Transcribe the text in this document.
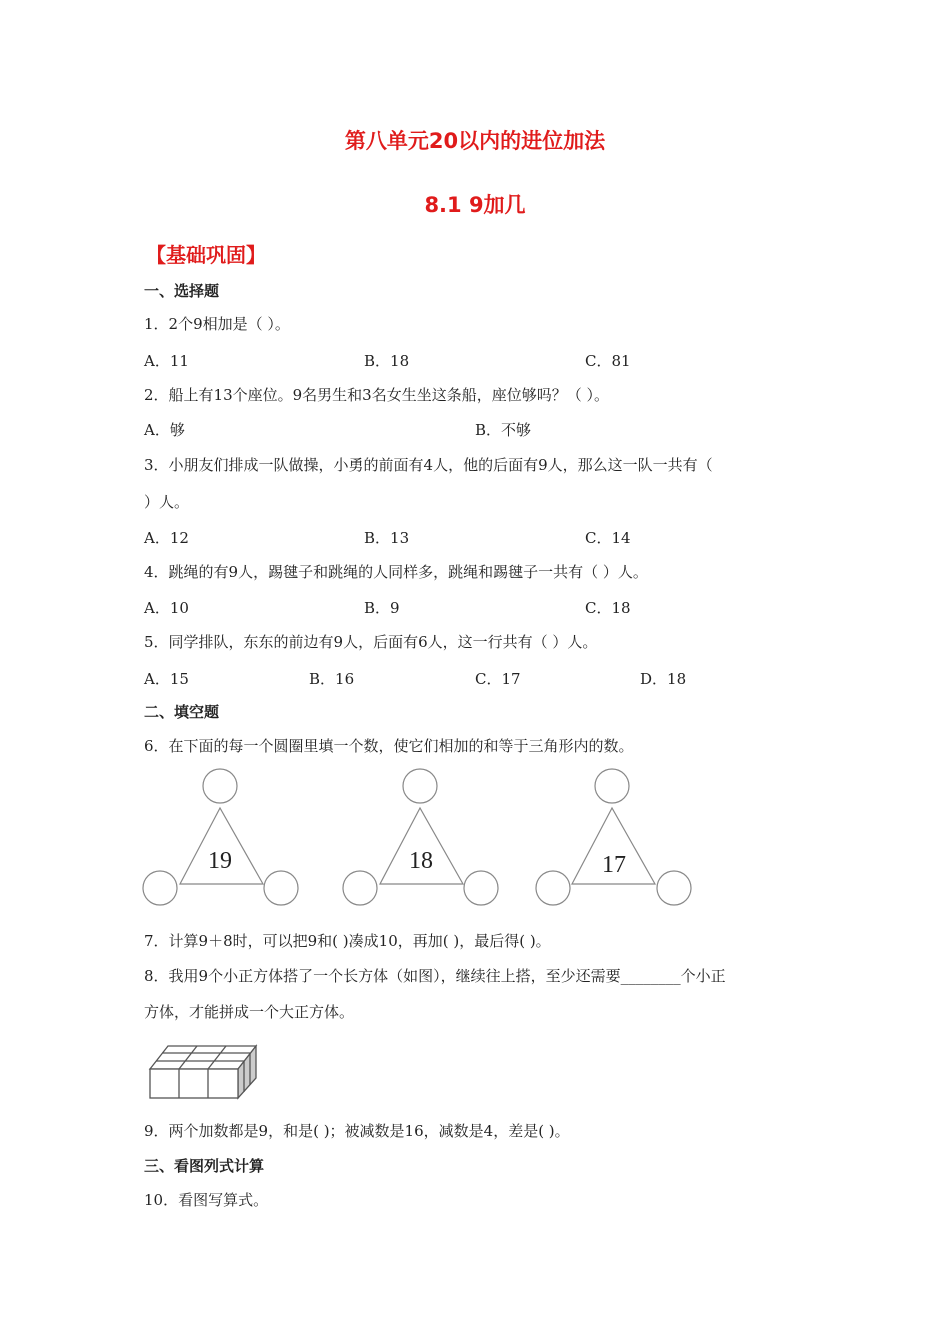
第八单元20以内的进位加法
8.1 9加几
【基础巩固】
一、选择题
1．2个9相加是（ ）。
A．11	B．18	C．81
2．船上有13个座位。9名男生和3名女生坐这条船，座位够吗？（ ）。
A．够	B．不够
3．小朋友们排成一队做操，小勇的前面有4人，他的后面有9人，那么这一队一共有（
）人。
A．12	B．13	C．14
4．跳绳的有9人，踢毽子和跳绳的人同样多，跳绳和踢毽子一共有（ ）人。
A．10	B．9	C．18
5．同学排队，东东的前边有9人，后面有6人，这一行共有（ ）人。
A．15	B．16	C．17	D．18
二、填空题
6．在下面的每一个圆圈里填一个数，使它们相加的和等于三角形内的数。
19	18	17
7．计算9＋8时，可以把9和( )凑成10，再加( )，最后得( )。
8．我用9个小正方体搭了一个长方体（如图），继续往上搭，至少还需要________个小正
方体，才能拼成一个大正方体。
9．两个加数都是9，和是( )；被减数是16，减数是4，差是( )。
三、看图列式计算
10．看图写算式。
